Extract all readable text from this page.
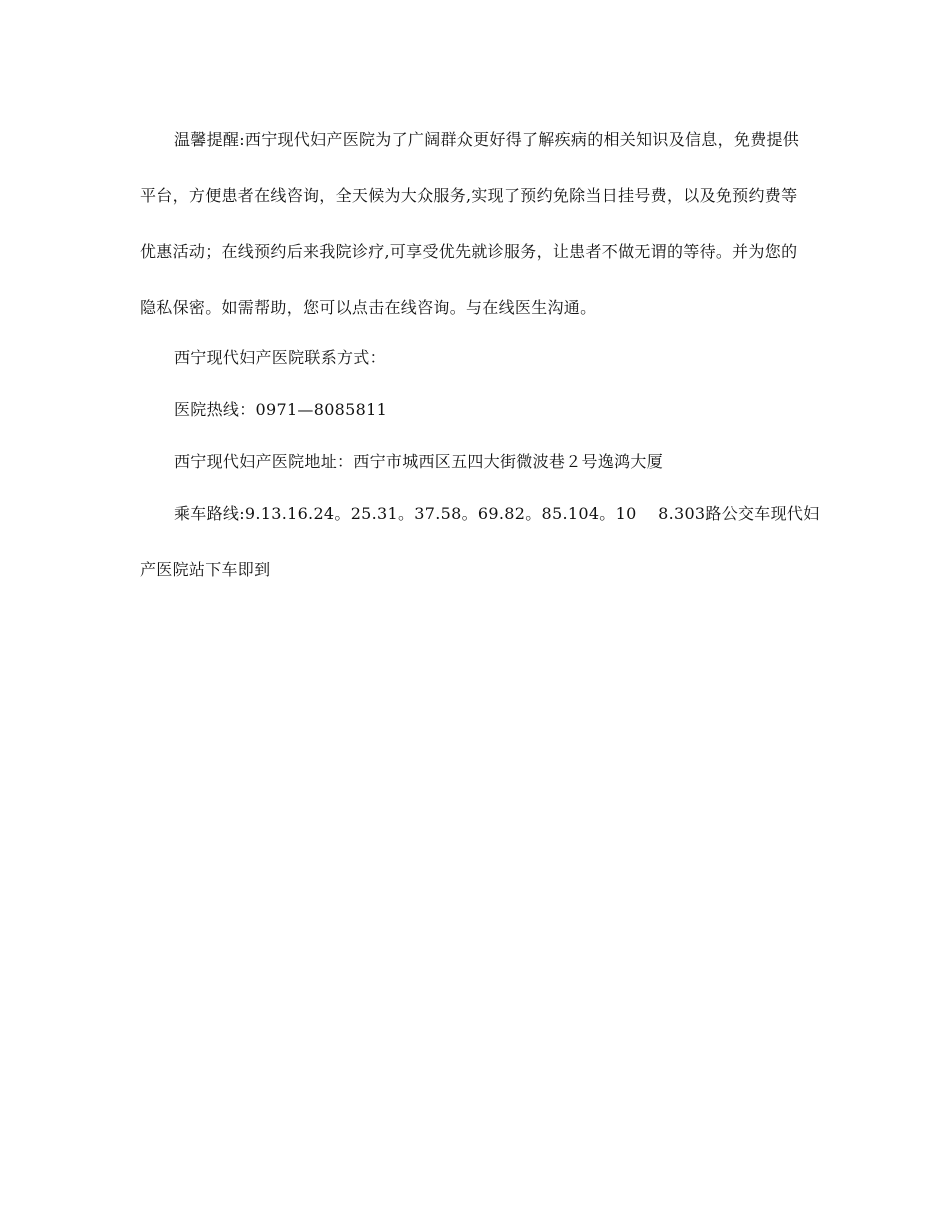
温馨提醒:西宁现代妇产医院为了广阔群众更好得了解疾病的相关知识及信息，免费提供平台，方便患者在线咨询，全天候为大众服务,实现了预约免除当日挂号费，以及免预约费等优惠活动；在线预约后来我院诊疗,可享受优先就诊服务，让患者不做无谓的等待。并为您的隐私保密。如需帮助，您可以点击在线咨询。与在线医生沟通。

西宁现代妇产医院联系方式：

医院热线：0971—8085811

西宁现代妇产医院地址：西宁市城西区五四大街微波巷２号逸鸿大厦

乘车路线:9.13.16.24。25.31。37.58。69.82。85.104。10    8.303路公交车现代妇
产医院站下车即到
